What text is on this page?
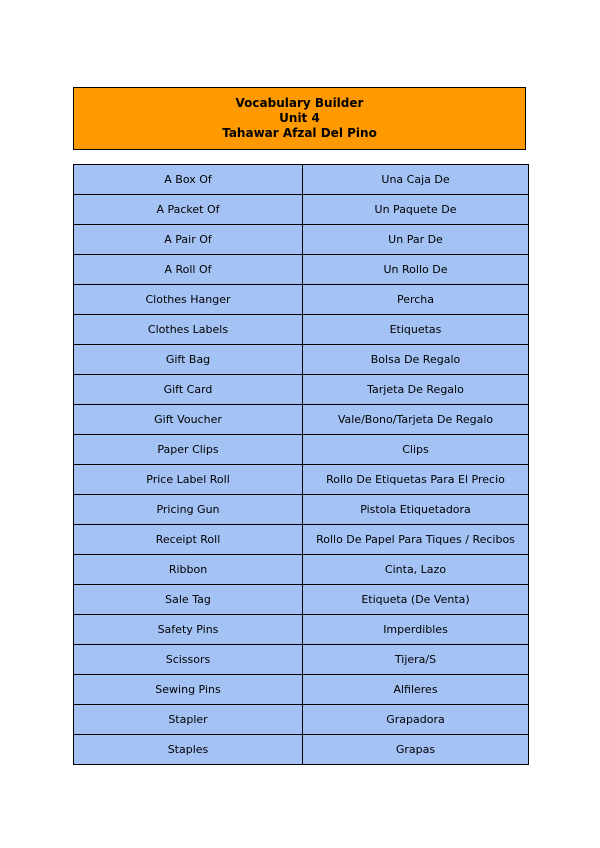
Vocabulary Builder
Unit 4
Tahawar Afzal Del Pino
A Box Of	Una Caja De
A Packet Of	Un Paquete De
A Pair Of	Un Par De
A Roll Of	Un Rollo De
Clothes Hanger	Percha
Clothes Labels	Etiquetas
Gift Bag	Bolsa De Regalo
Gift Card	Tarjeta De Regalo
Gift Voucher	Vale/Bono/Tarjeta De Regalo
Paper Clips	Clips
Price Label Roll	Rollo De Etiquetas Para El Precio
Pricing Gun	Pistola Etiquetadora
Receipt Roll	Rollo De Papel Para Tiques / Recibos
Ribbon	Cinta, Lazo
Sale Tag	Etiqueta (De Venta)
Safety Pins	Imperdibles
Scissors	Tijera/S
Sewing Pins	Alfileres
Stapler	Grapadora
Staples	Grapas
